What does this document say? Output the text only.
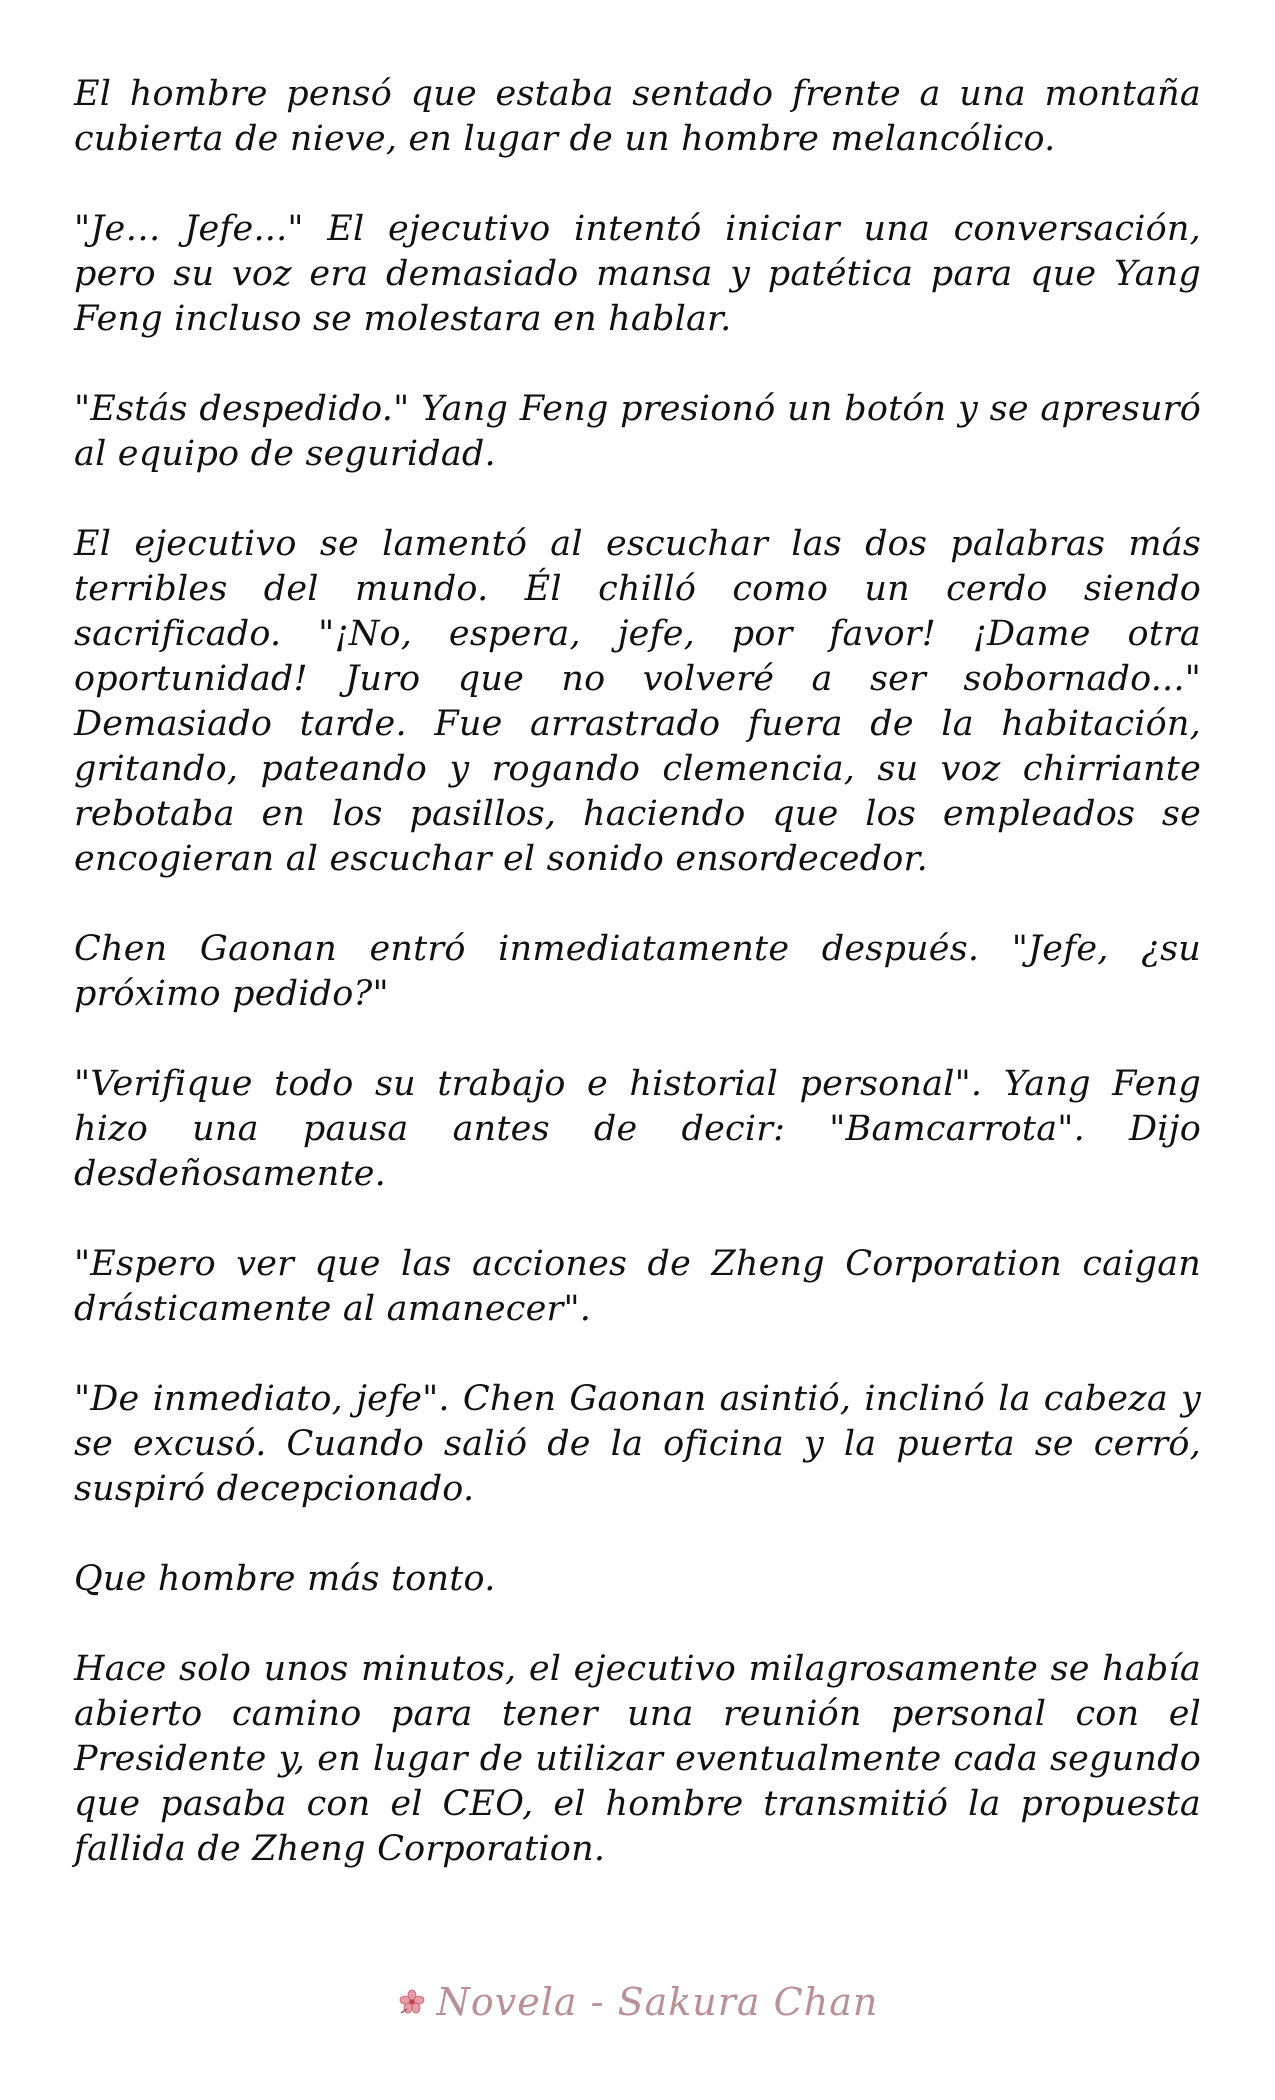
El hombre pensó que estaba sentado frente a una montaña cubierta de nieve, en lugar de un hombre melancólico.

"Je… Jefe..." El ejecutivo intentó iniciar una conversación, pero su voz era demasiado mansa y patética para que Yang Feng incluso se molestara en hablar.

"Estás despedido." Yang Feng presionó un botón y se apresuró al equipo de seguridad.

El ejecutivo se lamentó al escuchar las dos palabras más terribles del mundo. Él chilló como un cerdo siendo sacrificado. "¡No, espera, jefe, por favor! ¡Dame otra oportunidad! Juro que no volveré a ser sobornado..." Demasiado tarde. Fue arrastrado fuera de la habitación, gritando, pateando y rogando clemencia, su voz chirriante rebotaba en los pasillos, haciendo que los empleados se encogieran al escuchar el sonido ensordecedor.

Chen Gaonan entró inmediatamente después. "Jefe, ¿su próximo pedido?"

"Verifique todo su trabajo e historial personal". Yang Feng hizo una pausa antes de decir: "Bamcarrota". Dijo desdeñosamente.

"Espero ver que las acciones de Zheng Corporation caigan drásticamente al amanecer".

"De inmediato, jefe". Chen Gaonan asintió, inclinó la cabeza y se excusó. Cuando salió de la oficina y la puerta se cerró, suspiró decepcionado.

Que hombre más tonto.

Hace solo unos minutos, el ejecutivo milagrosamente se había abierto camino para tener una reunión personal con el Presidente y, en lugar de utilizar eventualmente cada segundo que pasaba con el CEO, el hombre transmitió la propuesta fallida de Zheng Corporation.

Novela - Sakura Chan
